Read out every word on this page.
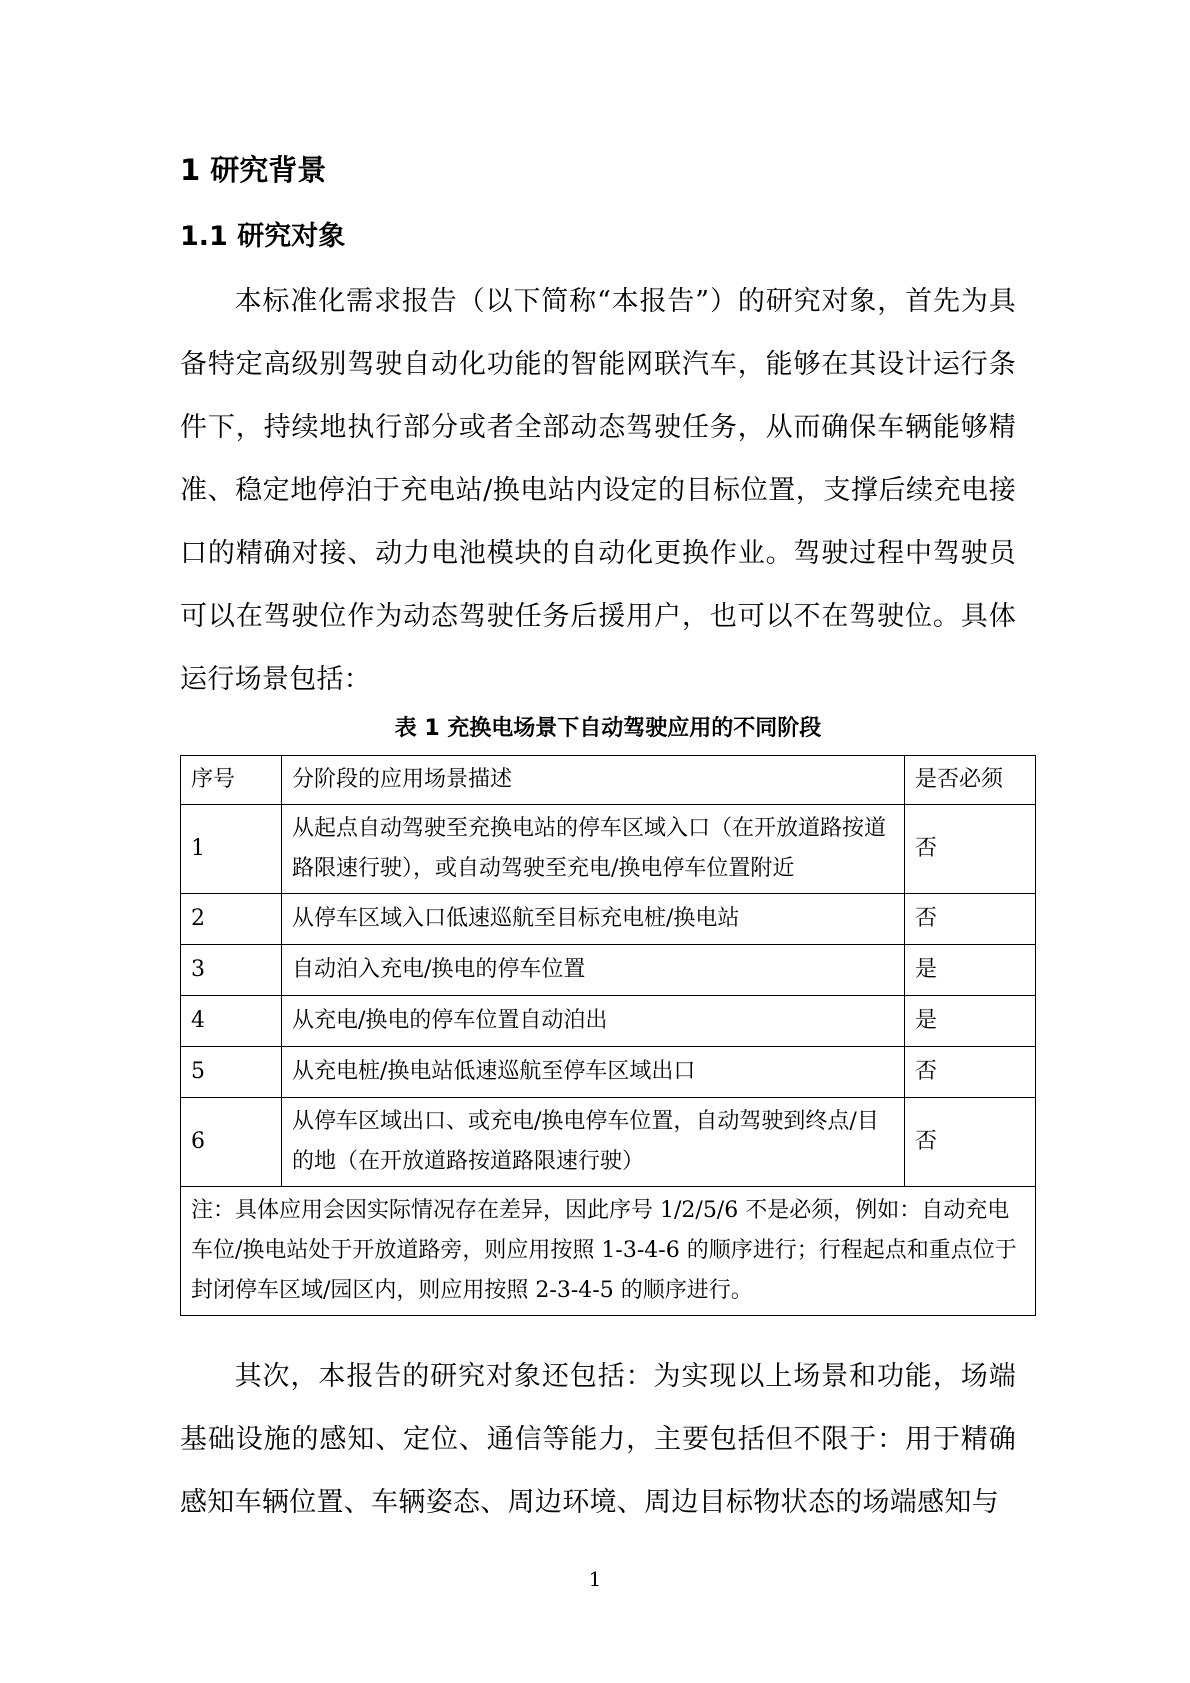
1 研究背景
1.1 研究对象

本标准化需求报告（以下简称“本报告”）的研究对象，首先为具备特定高级别驾驶自动化功能的智能网联汽车，能够在其设计运行条件下，持续地执行部分或者全部动态驾驶任务，从而确保车辆能够精准、稳定地停泊于充电站/换电站内设定的目标位置，支撑后续充电接口的精确对接、动力电池模块的自动化更换作业。驾驶过程中驾驶员可以在驾驶位作为动态驾驶任务后援用户，也可以不在驾驶位。具体运行场景包括：

表 1 充换电场景下自动驾驶应用的不同阶段

序号	分阶段的应用场景描述	是否必须
1	从起点自动驾驶至充换电站的停车区域入口（在开放道路按道路限速行驶），或自动驾驶至充电/换电停车位置附近	否
2	从停车区域入口低速巡航至目标充电桩/换电站	否
3	自动泊入充电/换电的停车位置	是
4	从充电/换电的停车位置自动泊出	是
5	从充电桩/换电站低速巡航至停车区域出口	否
6	从停车区域出口、或充电/换电停车位置，自动驾驶到终点/目的地（在开放道路按道路限速行驶）	否
注：具体应用会因实际情况存在差异，因此序号 1/2/5/6 不是必须，例如：自动充电车位/换电站处于开放道路旁，则应用按照 1-3-4-6 的顺序进行；行程起点和重点位于封闭停车区域/园区内，则应用按照 2-3-4-5 的顺序进行。		

其次，本报告的研究对象还包括：为实现以上场景和功能，场端基础设施的感知、定位、通信等能力，主要包括但不限于：用于精确感知车辆位置、车辆姿态、周边环境、周边目标物状态的场端感知与

1
